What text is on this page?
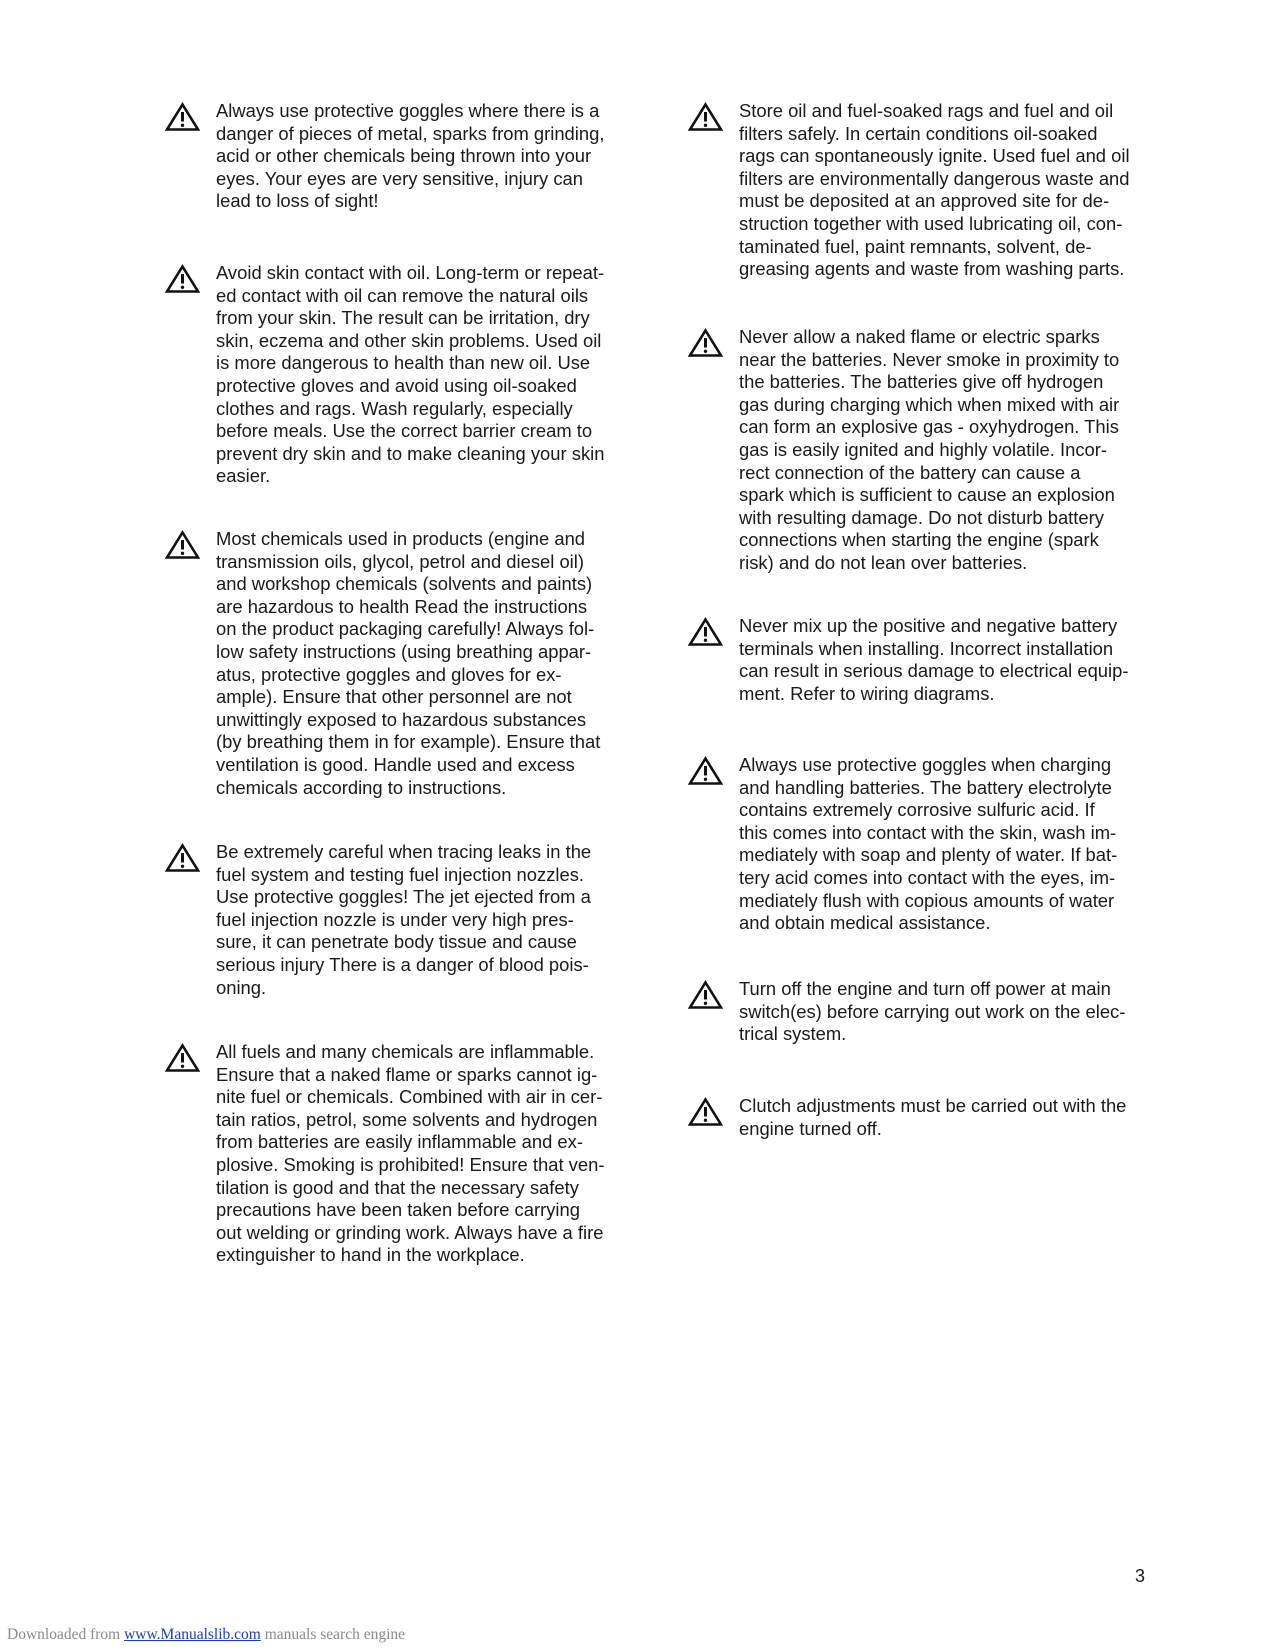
Always use protective goggles where there is a
danger of pieces of metal, sparks from grinding,
acid or other chemicals being thrown into your
eyes. Your eyes are very sensitive, injury can
lead to loss of sight!

Avoid skin contact with oil. Long-term or repeat-
ed contact with oil can remove the natural oils
from your skin. The result can be irritation, dry
skin, eczema and other skin problems. Used oil
is more dangerous to health than new oil. Use
protective gloves and avoid using oil-soaked
clothes and rags. Wash regularly, especially
before meals. Use the correct barrier cream to
prevent dry skin and to make cleaning your skin
easier.

Most chemicals used in products (engine and
transmission oils, glycol, petrol and diesel oil)
and workshop chemicals (solvents and paints)
are hazardous to health Read the instructions
on the product packaging carefully! Always fol-
low safety instructions (using breathing appar-
atus, protective goggles and gloves for ex-
ample). Ensure that other personnel are not
unwittingly exposed to hazardous substances
(by breathing them in for example). Ensure that
ventilation is good. Handle used and excess
chemicals according to instructions.

Be extremely careful when tracing leaks in the
fuel system and testing fuel injection nozzles.
Use protective goggles! The jet ejected from a
fuel injection nozzle is under very high pres-
sure, it can penetrate body tissue and cause
serious injury There is a danger of blood pois-
oning.

All fuels and many chemicals are inflammable.
Ensure that a naked flame or sparks cannot ig-
nite fuel or chemicals. Combined with air in cer-
tain ratios, petrol, some solvents and hydrogen
from batteries are easily inflammable and ex-
plosive. Smoking is prohibited! Ensure that ven-
tilation is good and that the necessary safety
precautions have been taken before carrying
out welding or grinding work. Always have a fire
extinguisher to hand in the workplace.

Store oil and fuel-soaked rags and fuel and oil
filters safely. In certain conditions oil-soaked
rags can spontaneously ignite. Used fuel and oil
filters are environmentally dangerous waste and
must be deposited at an approved site for de-
struction together with used lubricating oil, con-
taminated fuel, paint remnants, solvent, de-
greasing agents and waste from washing parts.

Never allow a naked flame or electric sparks
near the batteries. Never smoke in proximity to
the batteries. The batteries give off hydrogen
gas during charging which when mixed with air
can form an explosive gas - oxyhydrogen. This
gas is easily ignited and highly volatile. Incor-
rect connection of the battery can cause a
spark which is sufficient to cause an explosion
with resulting damage. Do not disturb battery
connections when starting the engine (spark
risk) and do not lean over batteries.

Never mix up the positive and negative battery
terminals when installing. Incorrect installation
can result in serious damage to electrical equip-
ment. Refer to wiring diagrams.

Always use protective goggles when charging
and handling batteries. The battery electrolyte
contains extremely corrosive sulfuric acid. If
this comes into contact with the skin, wash im-
mediately with soap and plenty of water. If bat-
tery acid comes into contact with the eyes, im-
mediately flush with copious amounts of water
and obtain medical assistance.

Turn off the engine and turn off power at main
switch(es) before carrying out work on the elec-
trical system.

Clutch adjustments must be carried out with the
engine turned off.

3
Downloaded from www.Manualslib.com manuals search engine
